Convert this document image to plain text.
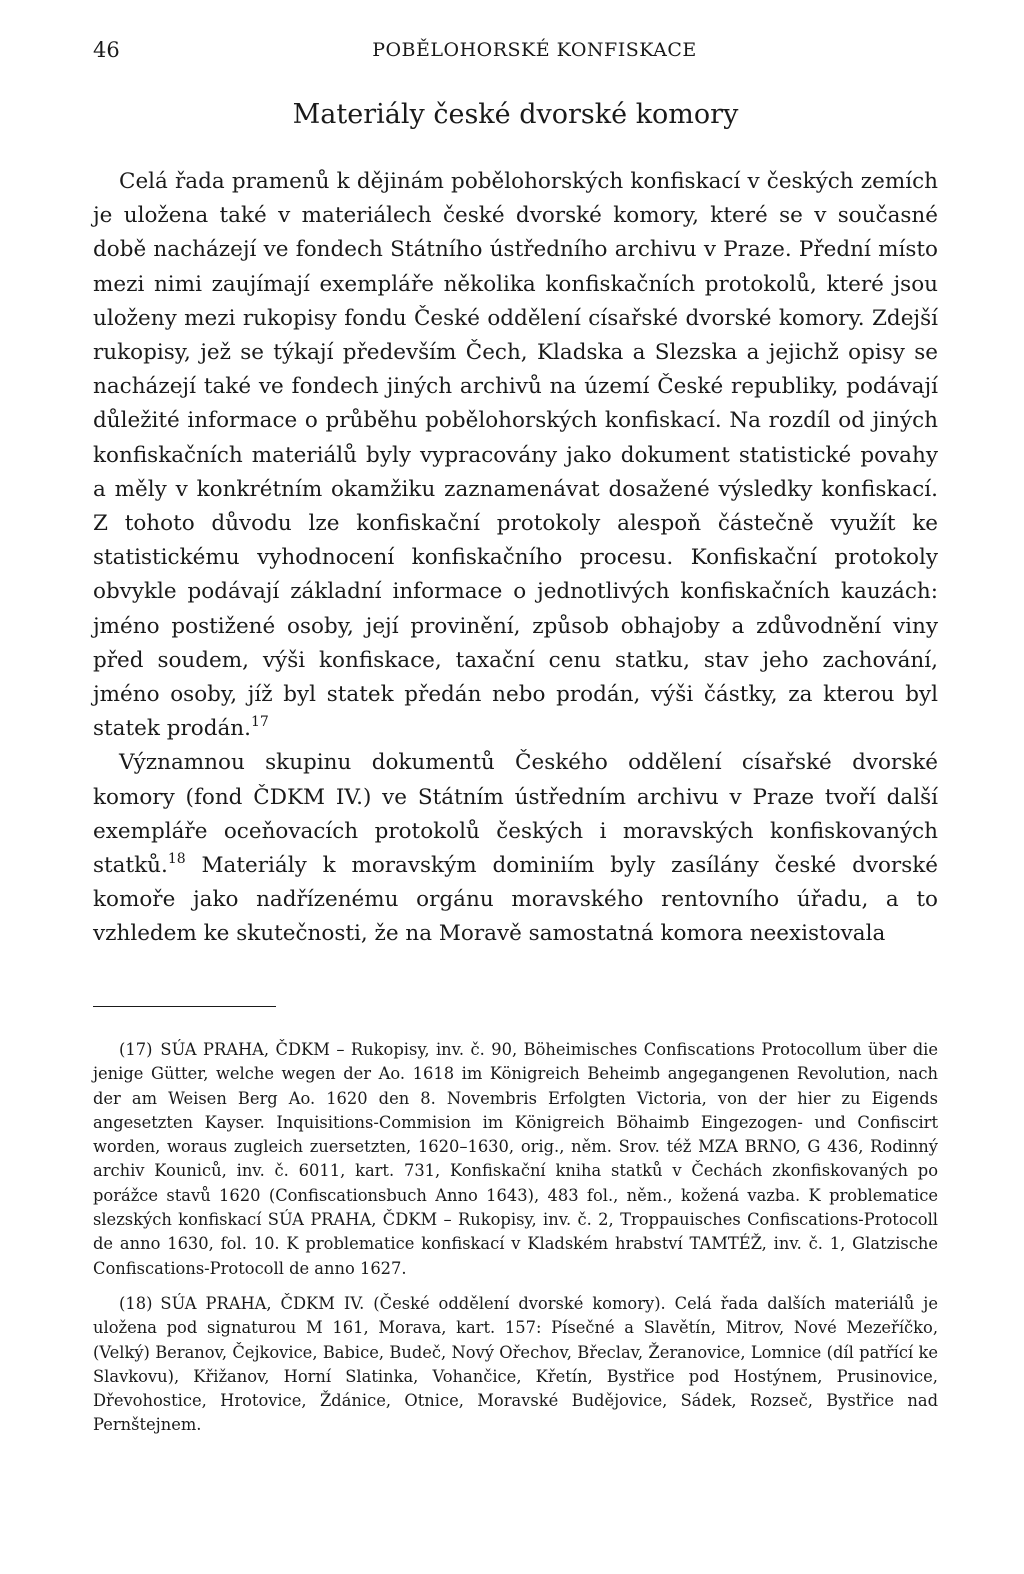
46	POBĚLOHORSKÉ KONFISKACE
Materiály české dvorské komory

Celá řada pramenů k dějinám pobělohorských konfiskací v českých zemích je uložena také v materiálech české dvorské komory, které se v současné době nacházejí ve fondech Státního ústředního archivu v Praze. Přední místo mezi nimi zaujímají exempláře několika konfiskačních protokolů, které jsou uloženy mezi rukopisy fondu České oddělení císařské dvorské komory. Zdejší rukopisy, jež se týkají především Čech, Kladska a Slezska a jejichž opisy se nacházejí také ve fondech jiných archivů na území České republiky, podávají důležité informace o průběhu pobělohorských konfiskací. Na rozdíl od jiných konfiskačních materiálů byly vypracovány jako dokument statistické povahy a měly v konkrétním okamžiku zaznamenávat dosažené výsledky konfiskací. Z tohoto důvodu lze konfiskační protokoly alespoň částečně využít ke statistickému vyhodnocení konfiskačního procesu. Konfiskační protokoly obvykle podávají základní informace o jednotlivých konfiskačních kauzách: jméno postižené osoby, její provinění, způsob obhajoby a zdůvodnění viny před soudem, výši konfiskace, taxační cenu statku, stav jeho zachování, jméno osoby, jíž byl statek předán nebo prodán, výši částky, za kterou byl statek prodán.$^{17}$

Významnou skupinu dokumentů Českého oddělení císařské dvorské komory (fond ČDKM IV.) ve Státním ústředním archivu v Praze tvoří další exempláře oceňovacích protokolů českých i moravských konfiskovaných statků.$^{18}$ Materiály k moravským dominiím byly zasílány české dvorské komoře jako nadřízenému orgánu moravského rentovního úřadu, a to vzhledem ke skutečnosti, že na Moravě samostatná komora neexistovala

(17) SÚA PRAHA, ČDKM – Rukopisy, inv. č. 90, Böheimisches Confiscations Protocollum über die jenige Gütter, welche wegen der Ao. 1618 im Königreich Beheimb angegangenen Revolution, nach der am Weisen Berg Ao. 1620 den 8. Novembris Erfolgten Victoria, von der hier zu Eigends angesetzten Kayser. Inquisitions-Commision im Königreich Böhaimb Eingezogen- und Confiscirt worden, woraus zugleich zuersetzten, 1620–1630, orig., něm. Srov. též MZA BRNO, G 436, Rodinný archiv Kouniců, inv. č. 6011, kart. 731, Konfiskační kniha statků v Čechách zkonfiskovaných po porážce stavů 1620 (Confiscationsbuch Anno 1643), 483 fol., něm., kožená vazba. K problematice slezských konfiskací SÚA PRAHA, ČDKM – Rukopisy, inv. č. 2, Troppauisches Confiscations-Protocoll de anno 1630, fol. 10. K problematice konfiskací v Kladském hrabství TAMTÉŽ, inv. č. 1, Glatzische Confiscations-Protocoll de anno 1627.

(18) SÚA PRAHA, ČDKM IV. (České oddělení dvorské komory). Celá řada dalších materiálů je uložena pod signaturou M 161, Morava, kart. 157: Písečné a Slavětín, Mitrov, Nové Mezeříčko, (Velký) Beranov, Čejkovice, Babice, Budeč, Nový Ořechov, Břeclav, Žeranovice, Lomnice (díl patřící ke Slavkovu), Křižanov, Horní Slatinka, Vohančice, Křetín, Bystřice pod Hostýnem, Prusinovice, Dřevohostice, Hrotovice, Ždánice, Otnice, Moravské Budějovice, Sádek, Rozseč, Bystřice nad Pernštejnem.
